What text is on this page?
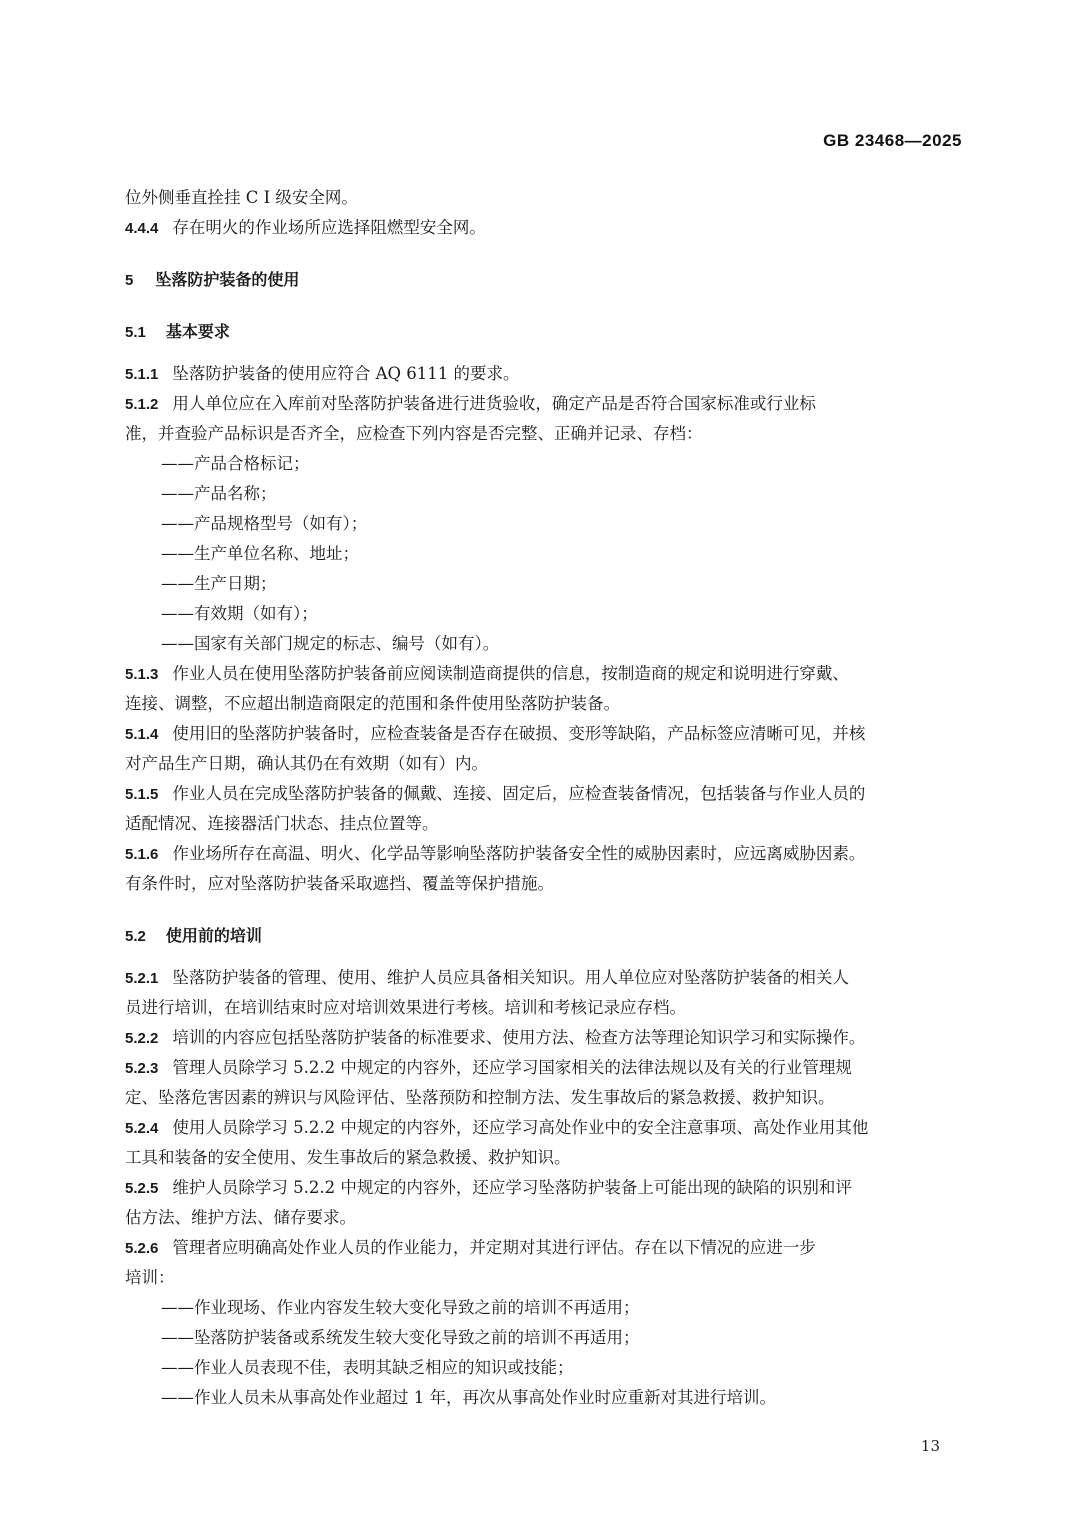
GB 23468—2025
位外侧垂直拴挂 C Ⅰ 级安全网。
4.4.4 存在明火的作业场所应选择阻燃型安全网。
5 坠落防护装备的使用
5.1 基本要求
5.1.1 坠落防护装备的使用应符合 AQ 6111 的要求。
5.1.2 用人单位应在入库前对坠落防护装备进行进货验收，确定产品是否符合国家标准或行业标
准，并查验产品标识是否齐全，应检查下列内容是否完整、正确并记录、存档：
——产品合格标记；
——产品名称；
——产品规格型号（如有）；
——生产单位名称、地址；
——生产日期；
——有效期（如有）；
——国家有关部门规定的标志、编号（如有）。
5.1.3 作业人员在使用坠落防护装备前应阅读制造商提供的信息，按制造商的规定和说明进行穿戴、
连接、调整，不应超出制造商限定的范围和条件使用坠落防护装备。
5.1.4 使用旧的坠落防护装备时，应检查装备是否存在破损、变形等缺陷，产品标签应清晰可见，并核
对产品生产日期，确认其仍在有效期（如有）内。
5.1.5 作业人员在完成坠落防护装备的佩戴、连接、固定后，应检查装备情况，包括装备与作业人员的
适配情况、连接器活门状态、挂点位置等。
5.1.6 作业场所存在高温、明火、化学品等影响坠落防护装备安全性的威胁因素时，应远离威胁因素。
有条件时，应对坠落防护装备采取遮挡、覆盖等保护措施。
5.2 使用前的培训
5.2.1 坠落防护装备的管理、使用、维护人员应具备相关知识。用人单位应对坠落防护装备的相关人
员进行培训，在培训结束时应对培训效果进行考核。培训和考核记录应存档。
5.2.2 培训的内容应包括坠落防护装备的标准要求、使用方法、检查方法等理论知识学习和实际操作。
5.2.3 管理人员除学习 5.2.2 中规定的内容外，还应学习国家相关的法律法规以及有关的行业管理规
定、坠落危害因素的辨识与风险评估、坠落预防和控制方法、发生事故后的紧急救援、救护知识。
5.2.4 使用人员除学习 5.2.2 中规定的内容外，还应学习高处作业中的安全注意事项、高处作业用其他
工具和装备的安全使用、发生事故后的紧急救援、救护知识。
5.2.5 维护人员除学习 5.2.2 中规定的内容外，还应学习坠落防护装备上可能出现的缺陷的识别和评
估方法、维护方法、储存要求。
5.2.6 管理者应明确高处作业人员的作业能力，并定期对其进行评估。存在以下情况的应进一步
培训：
——作业现场、作业内容发生较大变化导致之前的培训不再适用；
——坠落防护装备或系统发生较大变化导致之前的培训不再适用；
——作业人员表现不佳，表明其缺乏相应的知识或技能；
——作业人员未从事高处作业超过 1 年，再次从事高处作业时应重新对其进行培训。
13
